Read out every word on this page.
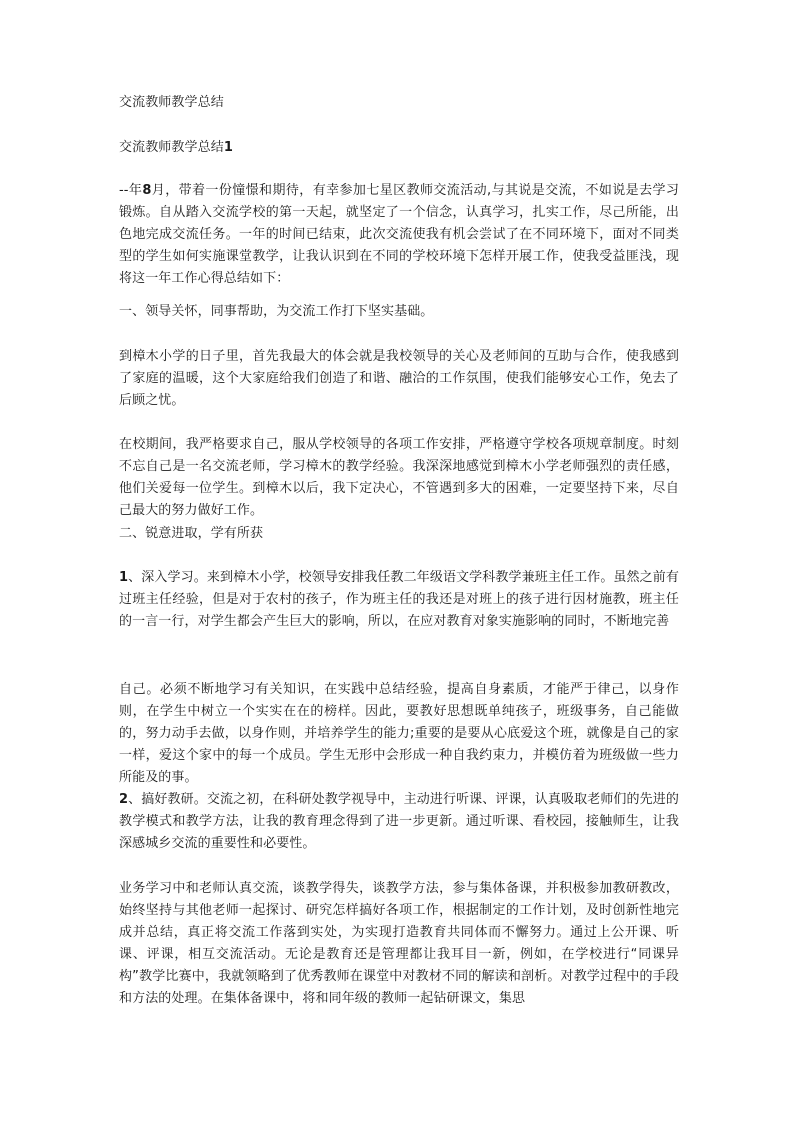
交流教师教学总结

交流教师教学总结1

--年8月，带着一份憧憬和期待，有幸参加七星区教师交流活动,与其说是交流，不如说是去学习锻炼。自从踏入交流学校的第一天起，就坚定了一个信念，认真学习，扎实工作，尽己所能，出色地完成交流任务。一年的时间已结束，此次交流使我有机会尝试了在不同环境下，面对不同类型的学生如何实施课堂教学，让我认识到在不同的学校环境下怎样开展工作，使我受益匪浅，现将这一年工作心得总结如下：

一、领导关怀，同事帮助，为交流工作打下坚实基础。

到樟木小学的日子里，首先我最大的体会就是我校领导的关心及老师间的互助与合作，使我感到了家庭的温暖，这个大家庭给我们创造了和谐、融洽的工作氛围，使我们能够安心工作，免去了后顾之忧。

在校期间，我严格要求自己，服从学校领导的各项工作安排，严格遵守学校各项规章制度。时刻不忘自己是一名交流老师，学习樟木的教学经验。我深深地感觉到樟木小学老师强烈的责任感，他们关爱每一位学生。到樟木以后，我下定决心，不管遇到多大的困难，一定要坚持下来，尽自己最大的努力做好工作。

二、锐意进取，学有所获

1、深入学习。来到樟木小学，校领导安排我任教二年级语文学科教学兼班主任工作。虽然之前有过班主任经验，但是对于农村的孩子，作为班主任的我还是对班上的孩子进行因材施教，班主任的一言一行，对学生都会产生巨大的影响，所以，在应对教育对象实施影响的同时，不断地完善

自己。必须不断地学习有关知识，在实践中总结经验，提高自身素质，才能严于律己，以身作则，在学生中树立一个实实在在的榜样。因此，要教好思想既单纯孩子，班级事务，自己能做的，努力动手去做，以身作则，并培养学生的能力;重要的是要从心底爱这个班，就像是自己的家一样，爱这个家中的每一个成员。学生无形中会形成一种自我约束力，并模仿着为班级做一些力所能及的事。

2、搞好教研。交流之初，在科研处教学视导中，主动进行听课、评课，认真吸取老师们的先进的教学模式和教学方法，让我的教育理念得到了进一步更新。通过听课、看校园，接触师生，让我深感城乡交流的重要性和必要性。

业务学习中和老师认真交流，谈教学得失，谈教学方法，参与集体备课，并积极参加教研教改，始终坚持与其他老师一起探讨、研究怎样搞好各项工作，根据制定的工作计划，及时创新性地完成并总结，真正将交流工作落到实处，为实现打造教育共同体而不懈努力。通过上公开课、听课、评课，相互交流活动。无论是教育还是管理都让我耳目一新，例如，在学校进行“同课异构”教学比赛中，我就领略到了优秀教师在课堂中对教材不同的解读和剖析。对教学过程中的手段和方法的处理。在集体备课中，将和同年级的教师一起钻研课文，集思
